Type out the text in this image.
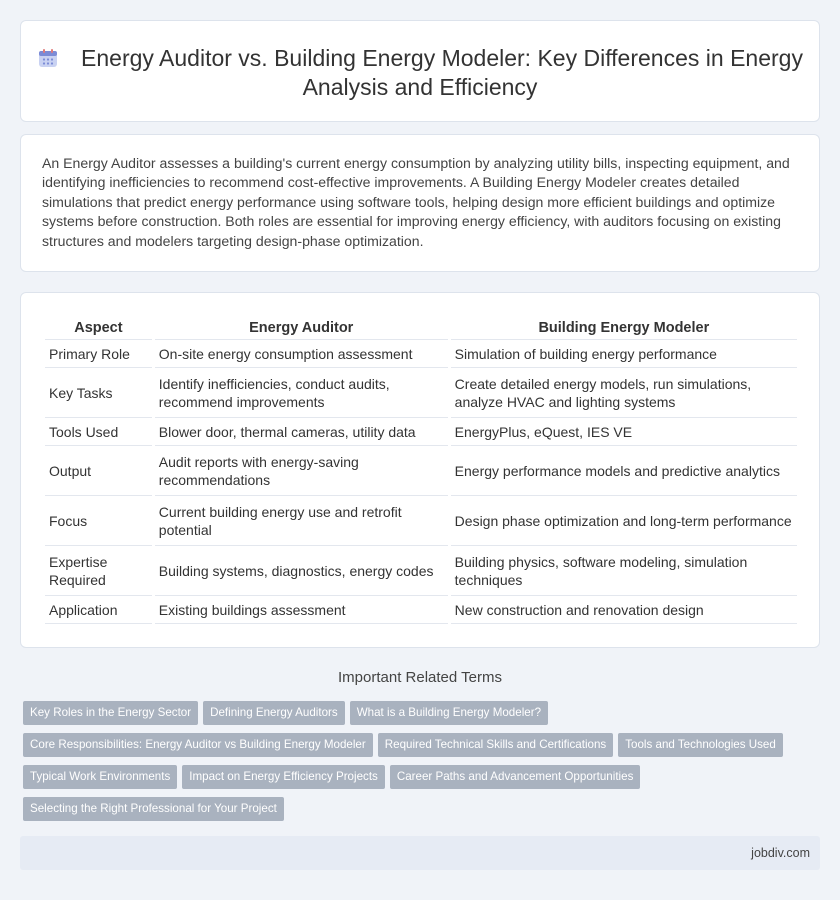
Energy Auditor vs. Building Energy Modeler: Key Differences in Energy Analysis and Efficiency

An Energy Auditor assesses a building's current energy consumption by analyzing utility bills, inspecting equipment, and identifying inefficiencies to recommend cost-effective improvements. A Building Energy Modeler creates detailed simulations that predict energy performance using software tools, helping design more efficient buildings and optimize systems before construction. Both roles are essential for improving energy efficiency, with auditors focusing on existing structures and modelers targeting design-phase optimization.

Aspect	Energy Auditor	Building Energy Modeler
Primary Role	On-site energy consumption assessment	Simulation of building energy performance
Key Tasks	Identify inefficiencies, conduct audits, recommend improvements	Create detailed energy models, run simulations, analyze HVAC and lighting systems
Tools Used	Blower door, thermal cameras, utility data	EnergyPlus, eQuest, IES VE
Output	Audit reports with energy-saving recommendations	Energy performance models and predictive analytics
Focus	Current building energy use and retrofit potential	Design phase optimization and long-term performance
Expertise Required	Building systems, diagnostics, energy codes	Building physics, software modeling, simulation techniques
Application	Existing buildings assessment	New construction and renovation design
Important Related Terms
Key Roles in the Energy Sector Defining Energy Auditors What is a Building Energy Modeler?
Core Responsibilities: Energy Auditor vs Building Energy Modeler Required Technical Skills and Certifications Tools and Technologies Used
Typical Work Environments Impact on Energy Efficiency Projects Career Paths and Advancement Opportunities
Selecting the Right Professional for Your Project
jobdiv.com
